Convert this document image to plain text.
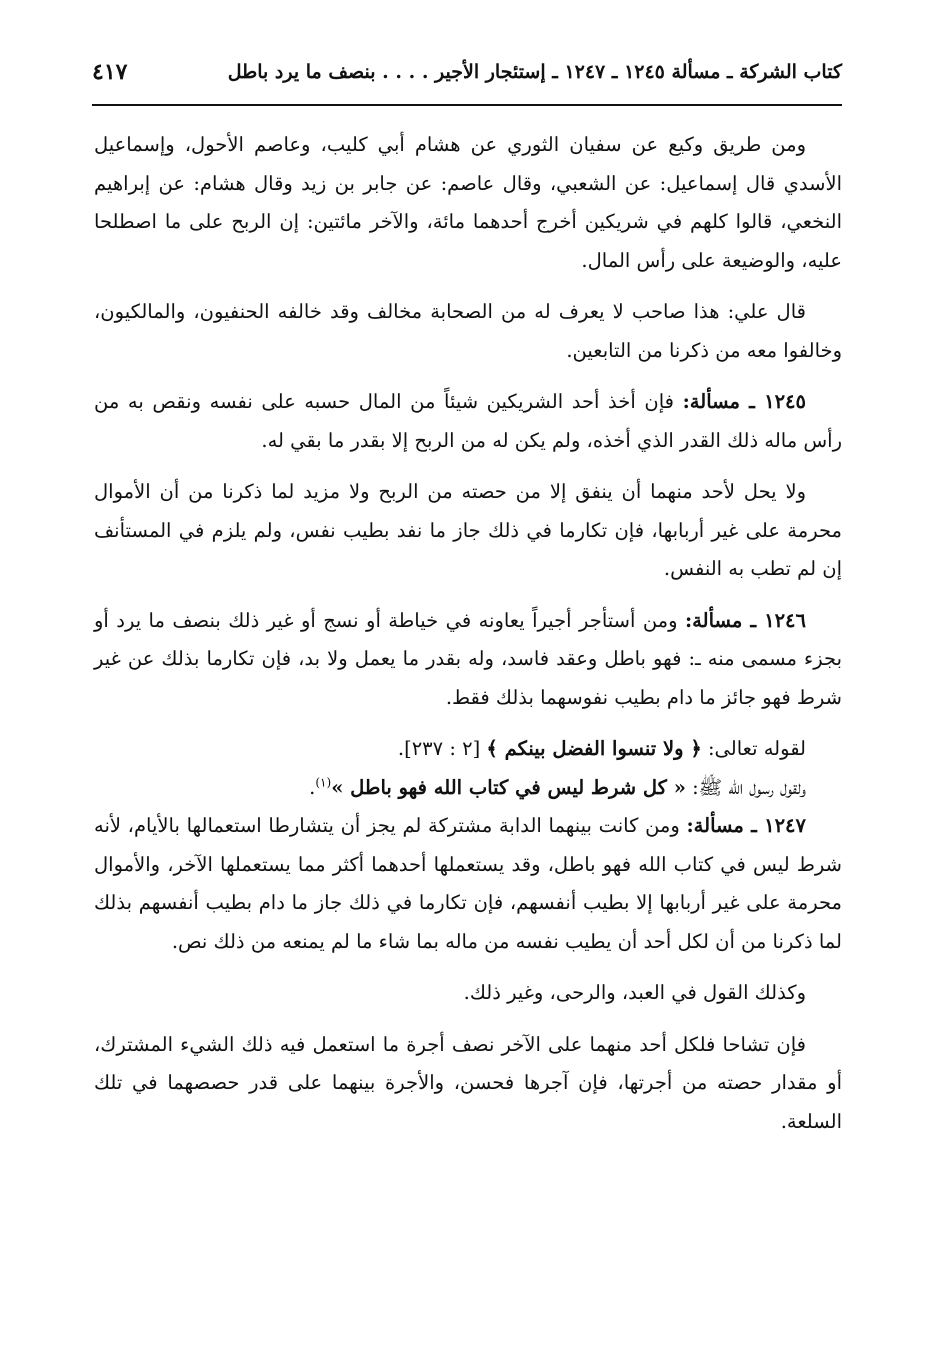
كتاب الشركة ـ مسألة ١٢٤٥ ـ ١٢٤٧ ـ إستئجار الأجير . . . . بنصف ما يرد باطل
٤١٧

ومن طريق وكيع عن سفيان الثوري عن هشام أبي كليب، وعاصم الأحول، وإسماعيل الأسدي قال إسماعيل: عن الشعبي، وقال عاصم: عن جابر بن زيد وقال هشام: عن إبراهيم النخعي، قالوا كلهم في شريكين أخرج أحدهما مائة، والآخر مائتين: إن الربح على ما اصطلحا عليه، والوضيعة على رأس المال.

قال علي: هذا صاحب لا يعرف له من الصحابة مخالف وقد خالفه الحنفيون، والمالكيون، وخالفوا معه من ذكرنا من التابعين.

١٢٤٥ ـ مسألة: فإن أخذ أحد الشريكين شيئاً من المال حسبه على نفسه ونقص به من رأس ماله ذلك القدر الذي أخذه، ولم يكن له من الربح إلا بقدر ما بقي له.

ولا يحل لأحد منهما أن ينفق إلا من حصته من الربح ولا مزيد لما ذكرنا من أن الأموال محرمة على غير أربابها، فإن تكارما في ذلك جاز ما نفد بطيب نفس، ولم يلزم في المستأنف إن لم تطب به النفس.

١٢٤٦ ـ مسألة: ومن أستأجر أجيراً يعاونه في خياطة أو نسج أو غير ذلك بنصف ما يرد أو بجزء مسمى منه ـ: فهو باطل وعقد فاسد، وله بقدر ما يعمل ولا بد، فإن تكارما بذلك عن غير شرط فهو جائز ما دام بطيب نفوسهما بذلك فقط.

لقوله تعالى: ﴿ ولا تنسوا الفضل بينكم ﴾ [٢ : ٢٣٧].

ولقول رسول الله ﷺ: « كل شرط ليس في كتاب الله فهو باطل »$^{(١)}$.

١٢٤٧ ـ مسألة: ومن كانت بينهما الدابة مشتركة لم يجز أن يتشارطا استعمالها بالأيام، لأنه شرط ليس في كتاب الله فهو باطل، وقد يستعملها أحدهما أكثر مما يستعملها الآخر، والأموال محرمة على غير أربابها إلا بطيب أنفسهم، فإن تكارما في ذلك جاز ما دام بطيب أنفسهم بذلك لما ذكرنا من أن لكل أحد أن يطيب نفسه من ماله بما شاء ما لم يمنعه من ذلك نص.

وكذلك القول في العبد، والرحى، وغير ذلك.

فإن تشاحا فلكل أحد منهما على الآخر نصف أجرة ما استعمل فيه ذلك الشيء المشترك، أو مقدار حصته من أجرتها، فإن آجرها فحسن، والأجرة بينهما على قدر حصصهما في تلك السلعة.
